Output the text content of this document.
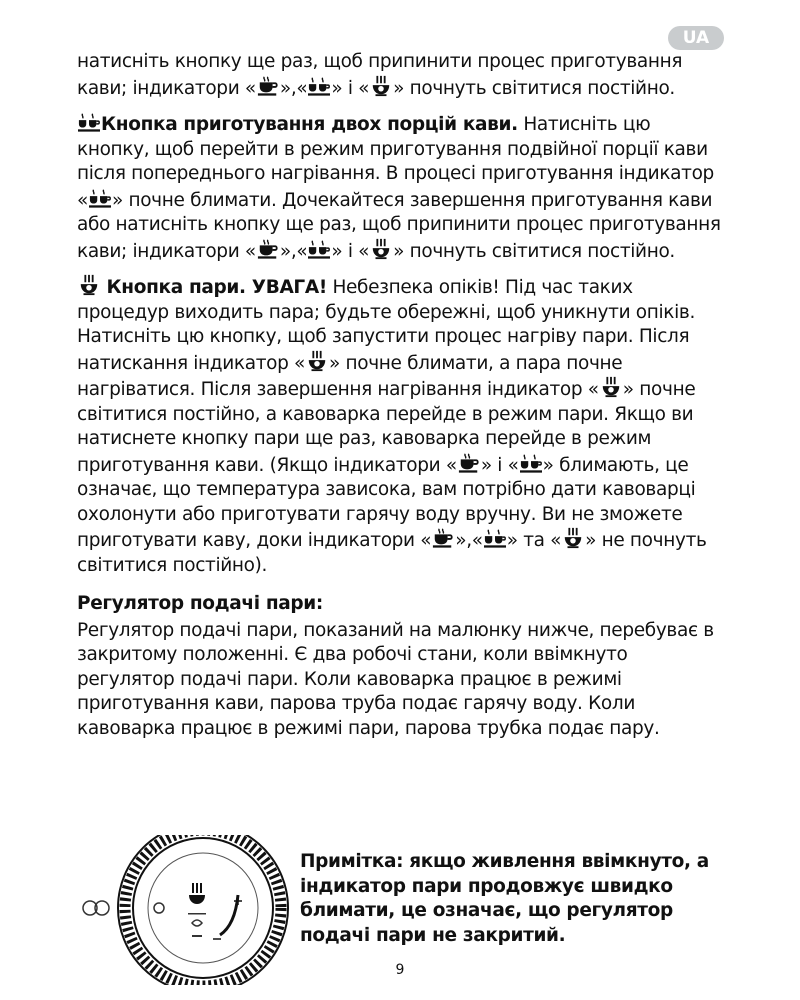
UA

натисніть кнопку ще раз, щоб припинити процес приготування кави; індикатори « »,« » і « » почнуть світитися постійно.

Кнопка приготування двох порцій кави. Натисніть цю кнопку, щоб перейти в режим приготування подвійної порції кави після попереднього нагрівання. В процесі приготування індикатор « » почне блимати. Дочекайтеся завершення приготування кави або натисніть кнопку ще раз, щоб припинити процес приготування кави; індикатори « »,« » і « » почнуть світитися постійно.

Кнопка пари. УВАГА! Небезпека опіків! Під час таких процедур виходить пара; будьте обережні, щоб уникнути опіків. Натисніть цю кнопку, щоб запустити процес нагріву пари. Після натискання індикатор « » почне блимати, а пара почне нагріватися. Після завершення нагрівання індикатор « » почне світитися постійно, а кавоварка перейде в режим пари. Якщо ви натиснете кнопку пари ще раз, кавоварка перейде в режим приготування кави. (Якщо індикатори « » і « » блимають, це означає, що температура зависока, вам потрібно дати кавоварці охолонути або приготувати гарячу воду вручну. Ви не зможете приготувати каву, доки індикатори « »,« » та « » не почнуть світитися постійно).

Регулятор подачі пари:

Регулятор подачі пари, показаний на малюнку нижче, перебуває в закритому положенні. Є два робочі стани, коли ввімкнуто регулятор подачі пари. Коли кавоварка працює в режимі приготування кави, парова труба подає гарячу воду. Коли кавоварка працює в режимі пари, парова трубка подає пару.

Примітка: якщо живлення ввімкнуто, а індикатор пари продовжує швидко блимати, це означає, що регулятор подачі пари не закритий.
9
